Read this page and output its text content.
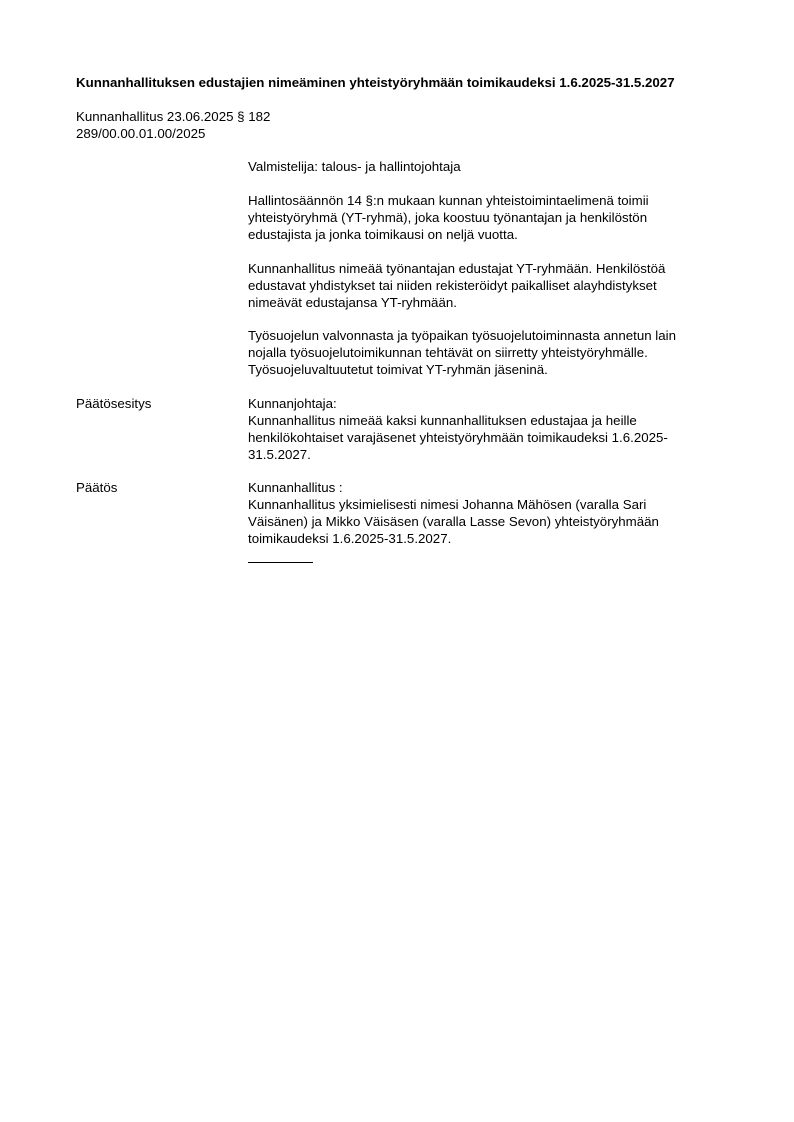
Kunnanhallituksen edustajien nimeäminen yhteistyöryhmään toimikaudeksi 1.6.2025-31.5.2027
Kunnanhallitus 23.06.2025 § 182
289/00.00.01.00/2025
Valmistelija: talous- ja hallintojohtaja
Hallintosäännön 14 §:n mukaan kunnan yhteistoimintaelimenä toimii
yhteistyöryhmä (YT-ryhmä), joka koostuu työnantajan ja henkilöstön
edustajista ja jonka toimikausi on neljä vuotta.
Kunnanhallitus nimeää työnantajan edustajat YT-ryhmään. Henkilöstöä
edustavat yhdistykset tai niiden rekisteröidyt paikalliset alayhdistykset
nimeävät edustajansa YT-ryhmään.
Työsuojelun valvonnasta ja työpaikan työsuojelutoiminnasta annetun lain
nojalla työsuojelutoimikunnan tehtävät on siirretty yhteistyöryhmälle.
Työsuojeluvaltuutetut toimivat YT-ryhmän jäseninä.
Päätösesitys	Kunnanjohtaja:
Kunnanhallitus nimeää kaksi kunnanhallituksen edustajaa ja heille
henkilökohtaiset varajäsenet yhteistyöryhmään toimikaudeksi 1.6.2025-
31.5.2027.
Päätös	Kunnanhallitus :
Kunnanhallitus yksimielisesti nimesi Johanna Mähösen (varalla Sari
Väisänen) ja Mikko Väisäsen (varalla Lasse Sevon) yhteistyöryhmään
toimikaudeksi 1.6.2025-31.5.2027.
